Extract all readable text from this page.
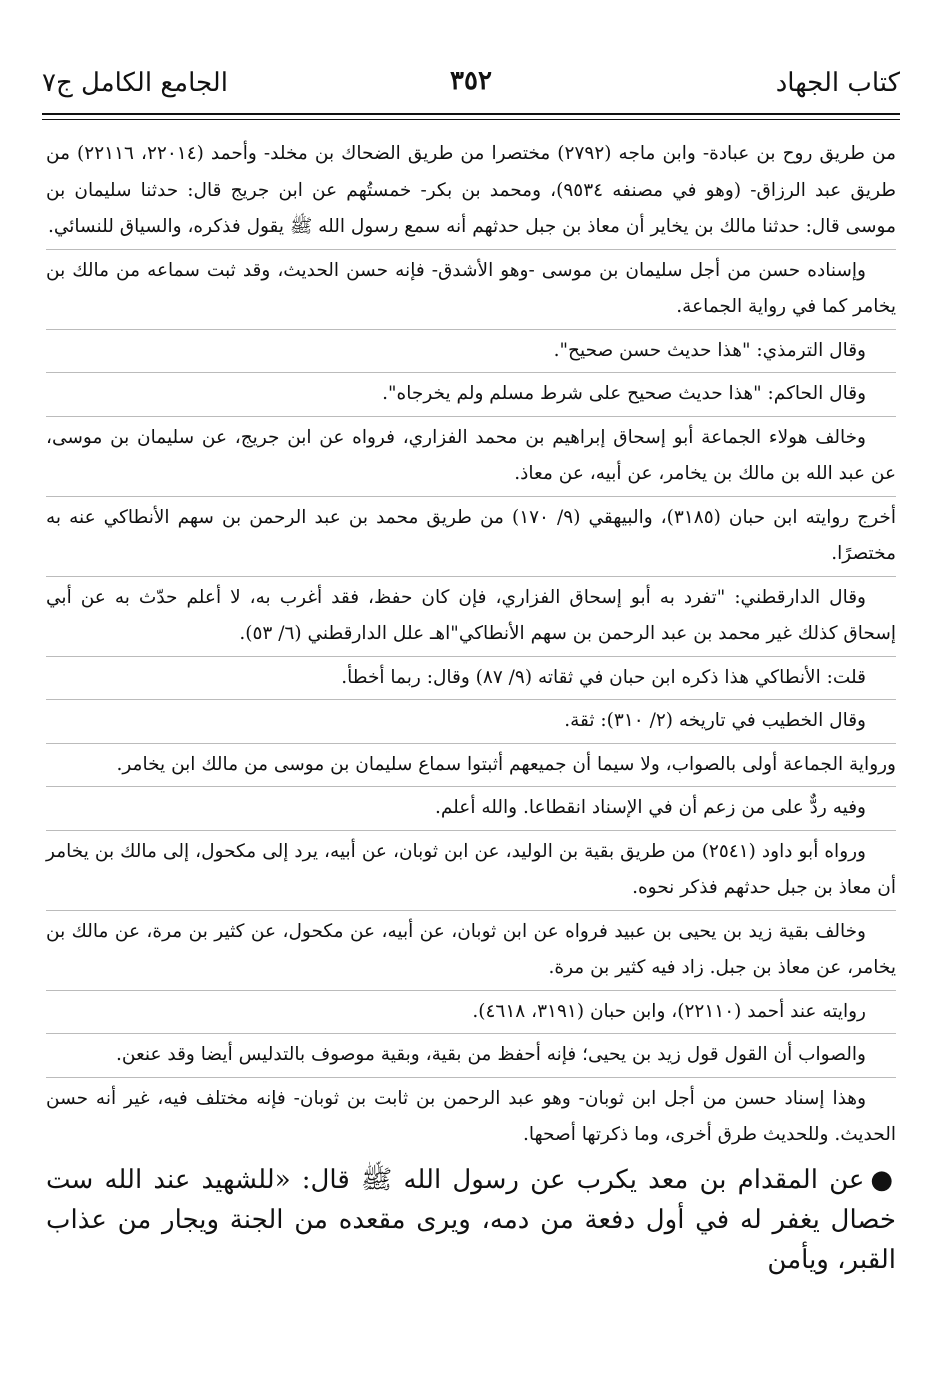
كتاب الجهاد
٣٥٢
الجامع الكامل ج٧

من طريق روح بن عبادة- وابن ماجه (٢٧٩٢) مختصرا من طريق الضحاك بن مخلد- وأحمد (٢٢٠١٤، ٢٢١١٦) من طريق عبد الرزاق- (وهو في مصنفه ٩٥٣٤)، ومحمد بن بكر- خمستُهم عن ابن جريج قال: حدثنا سليمان بن موسى قال: حدثنا مالك بن يخاير أن معاذ بن جبل حدثهم أنه سمع رسول الله ﷺ يقول فذكره، والسياق للنسائي.

وإسناده حسن من أجل سليمان بن موسى -وهو الأشدق- فإنه حسن الحديث، وقد ثبت سماعه من مالك بن يخامر كما في رواية الجماعة.

وقال الترمذي: "هذا حديث حسن صحيح".

وقال الحاكم: "هذا حديث صحيح على شرط مسلم ولم يخرجاه".

وخالف هولاء الجماعة أبو إسحاق إبراهيم بن محمد الفزاري، فرواه عن ابن جريج، عن سليمان بن موسى، عن عبد الله بن مالك بن يخامر، عن أبيه، عن معاذ.

أخرج روايته ابن حبان (٣١٨٥)، والبيهقي (٩/ ١٧٠) من طريق محمد بن عبد الرحمن بن سهم الأنطاكي عنه به مختصرًا.

وقال الدارقطني: "تفرد به أبو إسحاق الفزاري، فإن كان حفظ، فقد أغرب به، لا أعلم حدّث به عن أبي إسحاق كذلك غير محمد بن عبد الرحمن بن سهم الأنطاكي"اهـ علل الدارقطني (٦/ ٥٣).

قلت: الأنطاكي هذا ذكره ابن حبان في ثقاته (٩/ ٨٧) وقال: ربما أخطأ.

وقال الخطيب في تاريخه (٢/ ٣١٠): ثقة.

ورواية الجماعة أولى بالصواب، ولا سيما أن جميعهم أثبتوا سماع سليمان بن موسى من مالك ابن يخامر.

وفيه ردٌّ على من زعم أن في الإسناد انقطاعا. والله أعلم.

ورواه أبو داود (٢٥٤١) من طريق بقية بن الوليد، عن ابن ثوبان، عن أبيه، يرد إلى مكحول، إلى مالك بن يخامر أن معاذ بن جبل حدثهم فذكر نحوه.

وخالف بقية زيد بن يحيى بن عبيد فرواه عن ابن ثوبان، عن أبيه، عن مكحول، عن كثير بن مرة، عن مالك بن يخامر، عن معاذ بن جبل. زاد فيه كثير بن مرة.

روايته عند أحمد (٢٢١١٠)، وابن حبان (٣١٩١، ٤٦١٨).

والصواب أن القول قول زيد بن يحيى؛ فإنه أحفظ من بقية، وبقية موصوف بالتدليس أيضا وقد عنعن.

وهذا إسناد حسن من أجل ابن ثوبان- وهو عبد الرحمن بن ثابت بن ثوبان- فإنه مختلف فيه، غير أنه حسن الحديث. وللحديث طرق أخرى، وما ذكرتها أصحها.

●عن المقدام بن معد يكرب عن رسول الله ﷺ قال: «للشهيد عند الله ست خصال يغفر له في أول دفعة من دمه، ويرى مقعده من الجنة ويجار من عذاب القبر، ويأمن
